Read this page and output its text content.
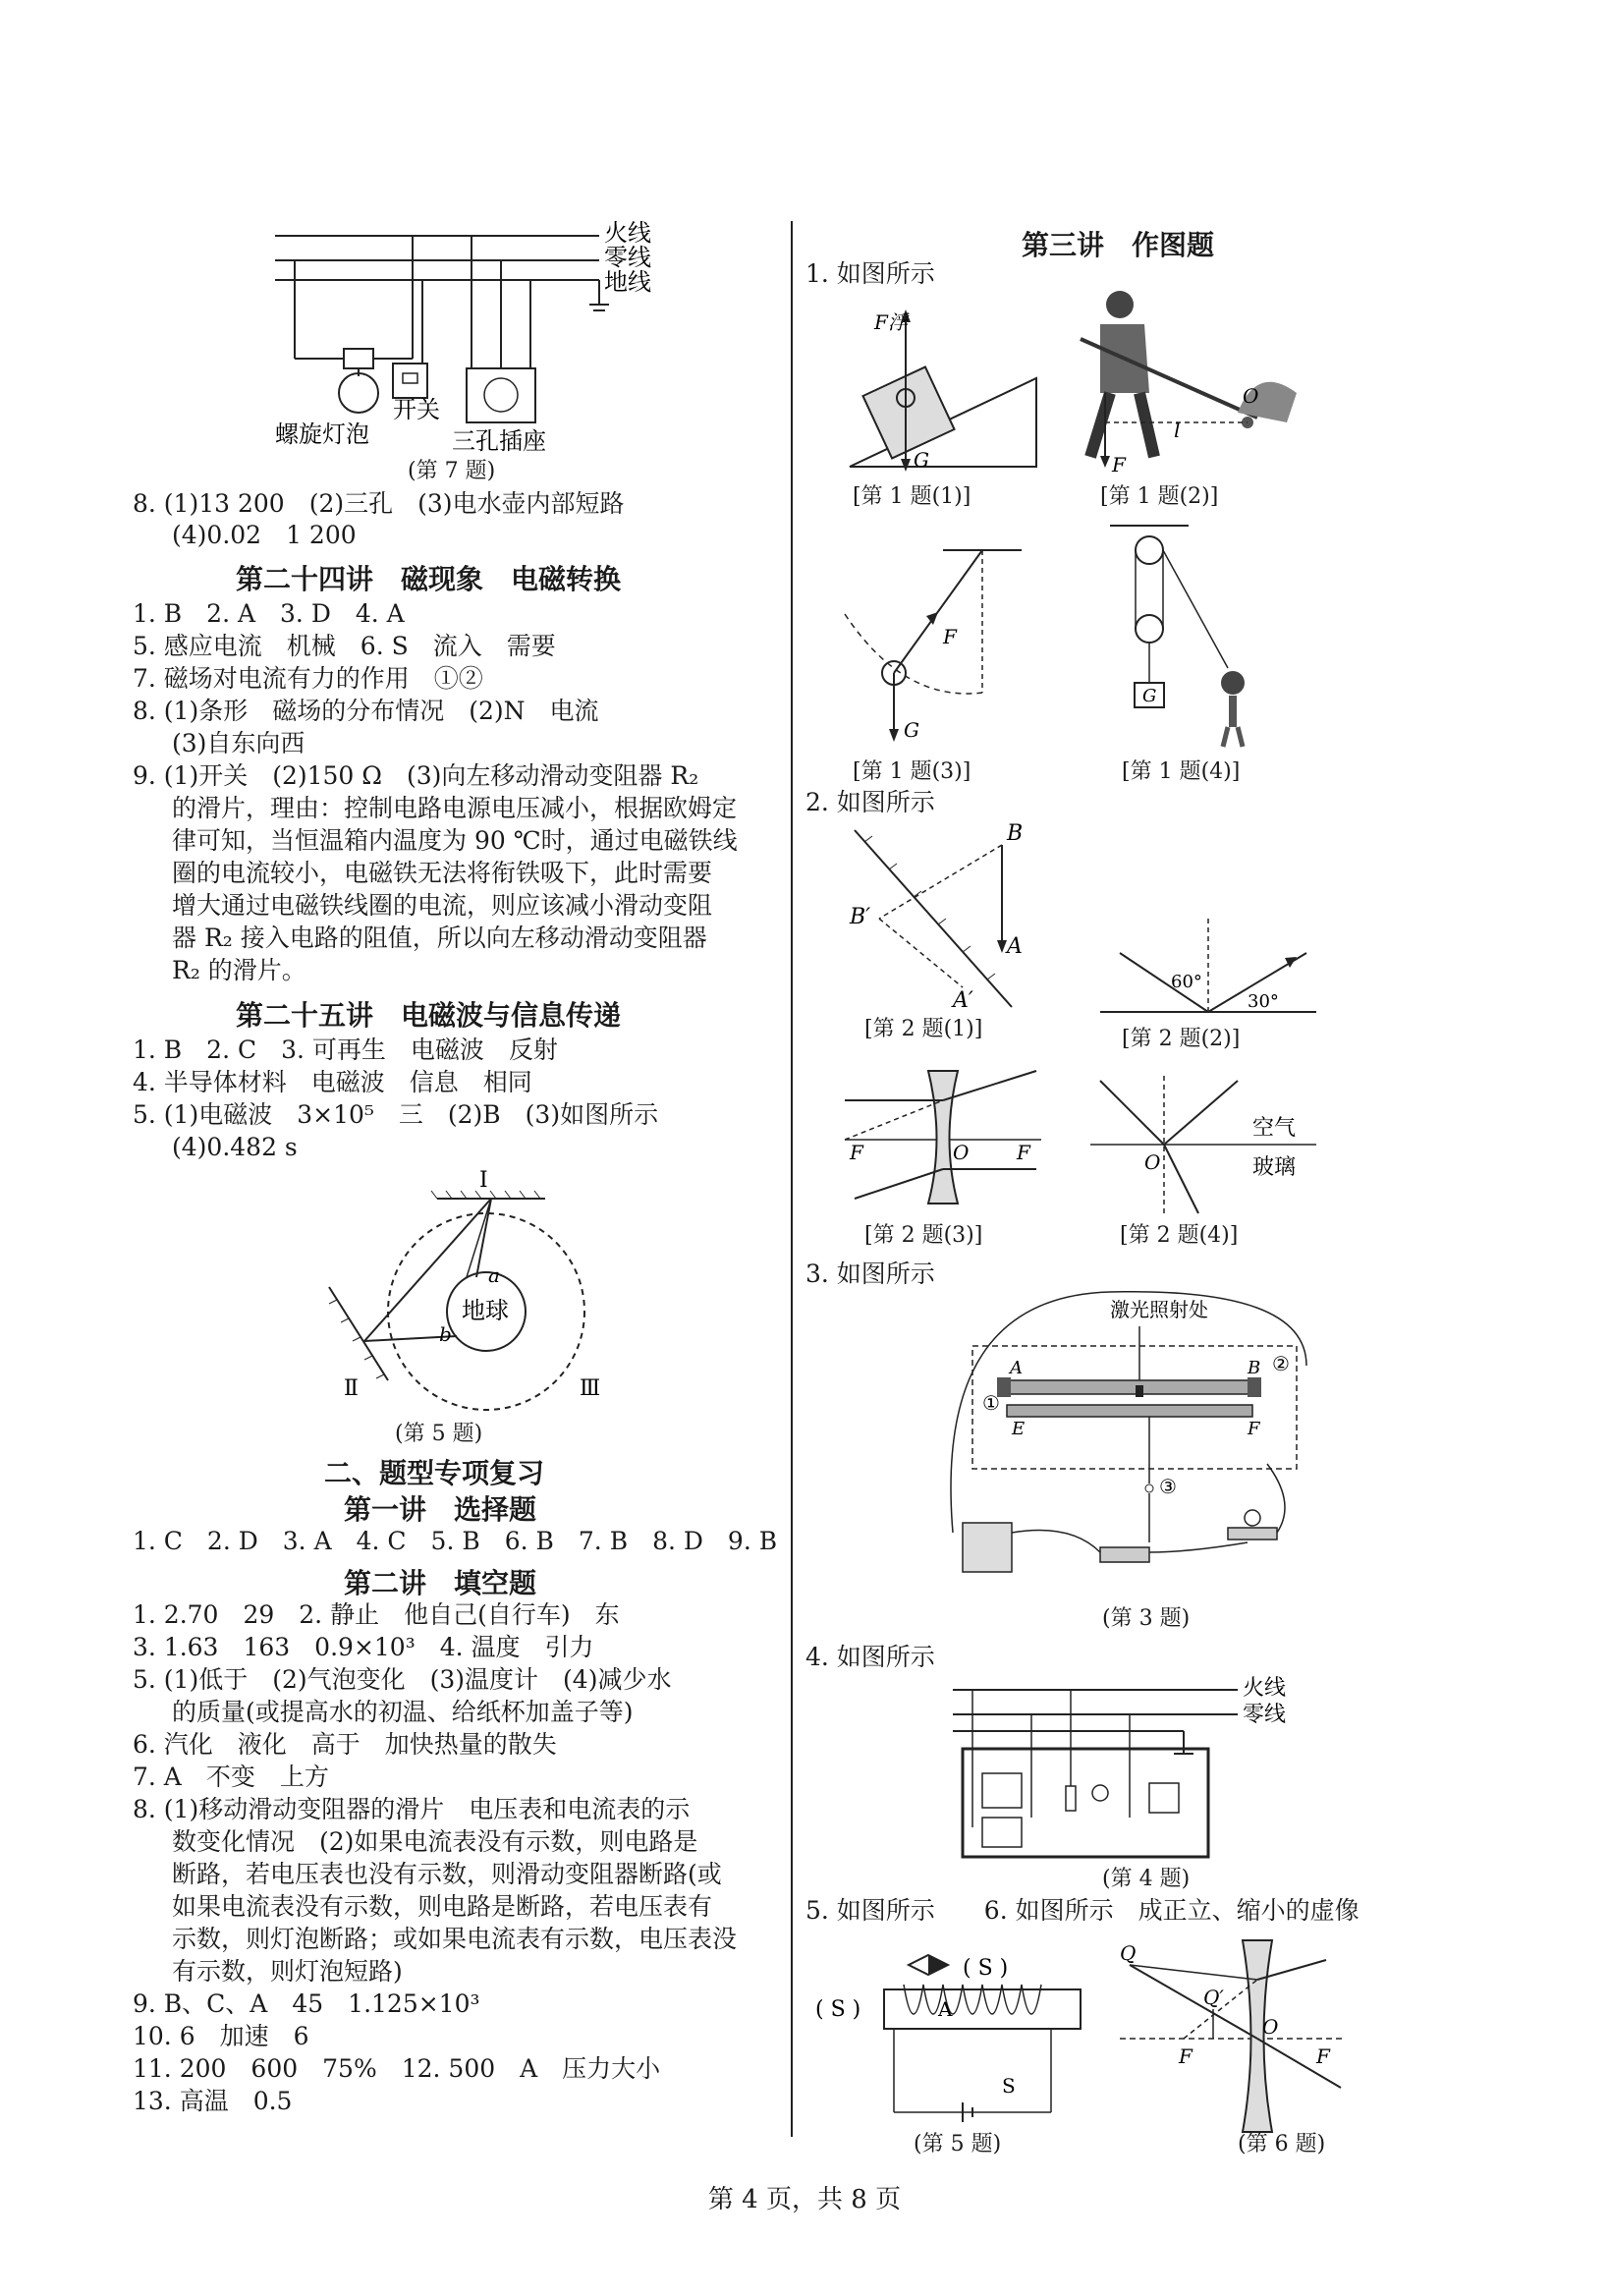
火线
零线
地线
开关
螺旋灯泡	三孔插座
(第 7 题)
8. (1)13 200　(2)三孔　(3)电水壶内部短路
(4)0.02　1 200
第二十四讲　磁现象　电磁转换
1. B　2. A　3. D　4. A
5. 感应电流　机械　6. S　流入　需要
7. 磁场对电流有力的作用　①②
8. (1)条形　磁场的分布情况　(2)N　电流
(3)自东向西
9. (1)开关　(2)150 Ω　(3)向左移动滑动变阻器 R₂
的滑片，理由：控制电路电源电压减小，根据欧姆定
律可知，当恒温箱内温度为 90 ℃时，通过电磁铁线
圈的电流较小，电磁铁无法将衔铁吸下，此时需要
增大通过电磁铁线圈的电流，则应该减小滑动变阻
器 R₂ 接入电路的阻值，所以向左移动滑动变阻器
R₂ 的滑片。
第二十五讲　电磁波与信息传递
1. B　2. C　3. 可再生　电磁波　反射
4. 半导体材料　电磁波　信息　相同
5. (1)电磁波　3×10⁵　三　(2)B　(3)如图所示
(4)0.482 s
Ⅰ
Ⅱ	Ⅲ
地球
a
b
(第 5 题)
二、题型专项复习
第一讲　选择题
1. C　2. D　3. A　4. C　5. B　6. B　7. B　8. D　9. B
第二讲　填空题
1. 2.70　29　2. 静止　他自己(自行车)　东
3. 1.63　163　0.9×10³　4. 温度　引力
5. (1)低于　(2)气泡变化　(3)温度计　(4)减少水
的质量(或提高水的初温、给纸杯加盖子等)
6. 汽化　液化　高于　加快热量的散失
7. A　不变　上方
8. (1)移动滑动变阻器的滑片　电压表和电流表的示
数变化情况　(2)如果电流表没有示数，则电路是
断路，若电压表也没有示数，则滑动变阻器断路(或
如果电流表没有示数，则电路是断路，若电压表有
示数，则灯泡断路；或如果电流表有示数，电压表没
有示数，则灯泡短路)
9. B、C、A　45　1.125×10³
10. 6　加速　6
11. 200　600　75%　12. 500　A　压力大小
13. 高温　0.5
第三讲　作图题
1. 如图所示
F浮
G
[第 1 题(1)]
F
l
O
[第 1 题(2)]
F
G
[第 1 题(3)]
G
[第 1 题(4)]
2. 如图所示
B
B′
A
A′
[第 2 题(1)]
60°
30°
[第 2 题(2)]
F	O F
[第 2 题(3)]
O
空气
玻璃
[第 2 题(4)]
3. 如图所示
激光照射处
①
②
③
A	B
E	F
(第 3 题)
4. 如图所示
火线
零线
(第 4 题)
5. 如图所示　　6. 如图所示　成正立、缩小的虚像
( S )
( S )	A
S
(第 5 题)
Q
Q′
F
O
F
(第 6 题)
第 4 页，共 8 页
